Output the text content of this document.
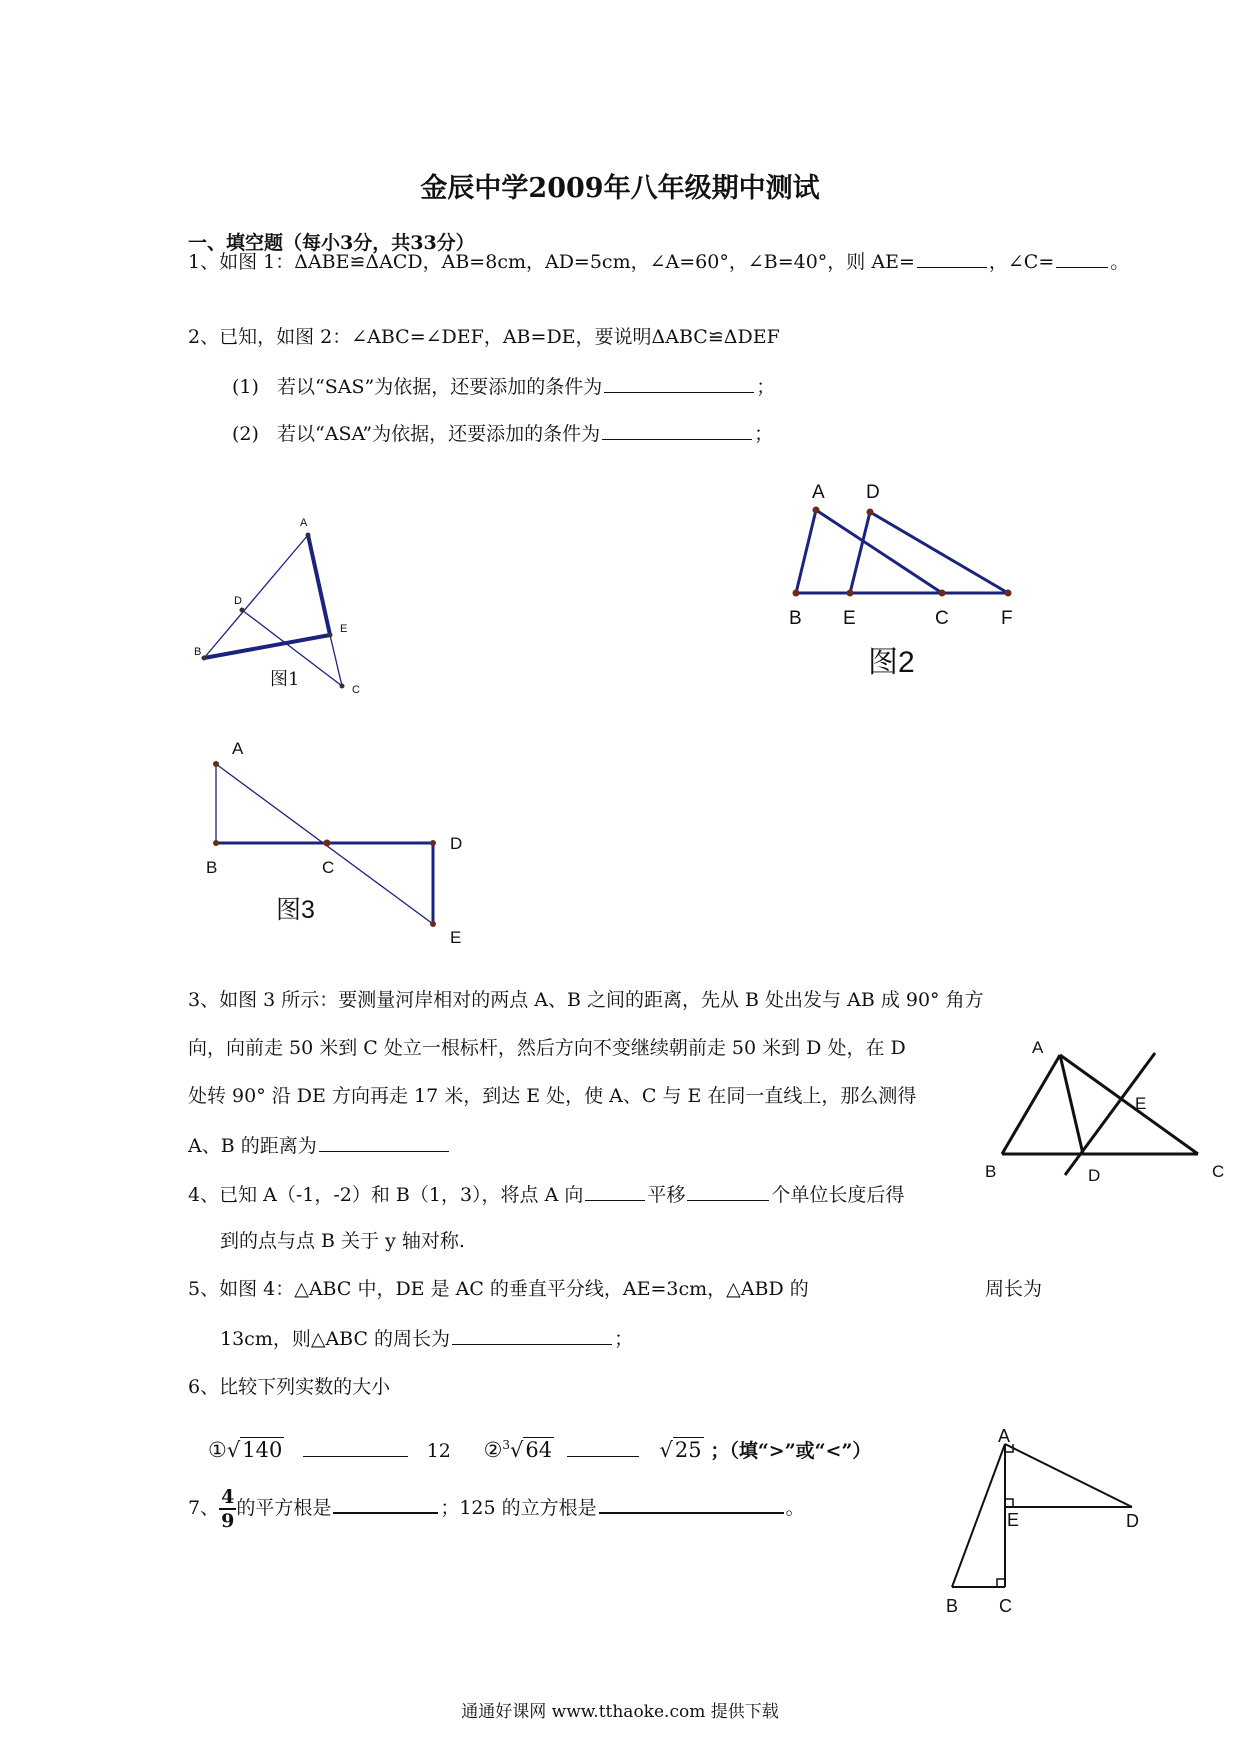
金辰中学2009年八年级期中测试
一、填空题（每小3分，共33分）
1、如图 1：ΔABE≌ΔACD，AB=8cm，AD=5cm，∠A=60°，∠B=40°，则 AE=	，∠C=	。
2、已知，如图 2：∠ABC=∠DEF，AB=DE，要说明ΔABC≌ΔDEF
(1) 若以“SAS”为依据，还要添加的条件为	；
(2) 若以“ASA”为依据，还要添加的条件为	；
A
D
E
B
C
图1
A D
B E	C	F
图2
A
B	C
D
E
图3
3、如图 3 所示：要测量河岸相对的两点 A、B 之间的距离，先从 B 处出发与 AB 成 90° 角方
向，向前走 50 米到 C 处立一根标杆，然后方向不变继续朝前走 50 米到 D 处，在 D
处转 90° 沿 DE 方向再走 17 米，到达 E 处，使 A、C 与 E 在同一直线上，那么测得
A、B 的距离为
A
E
B	D	C
4、已知 A（-1，-2）和 B（1，3），将点 A 向	平移	个单位长度后得
到的点与点 B 关于 y 轴对称.
5、如图 4：△ABC 中，DE 是 AC 的垂直平分线，AE=3cm，△ABD 的	周长为
13cm，则△ABC 的周长为	；
6、比较下列实数的大小
①√140	12 ②$^3$√64	√25 ；（填“>”或“<”）
A
E	D
B C
7、 $\frac{4}{9}$ 的平方根是	；125 的立方根是	。
通通好课网 www.tthaoke.com 提供下载
